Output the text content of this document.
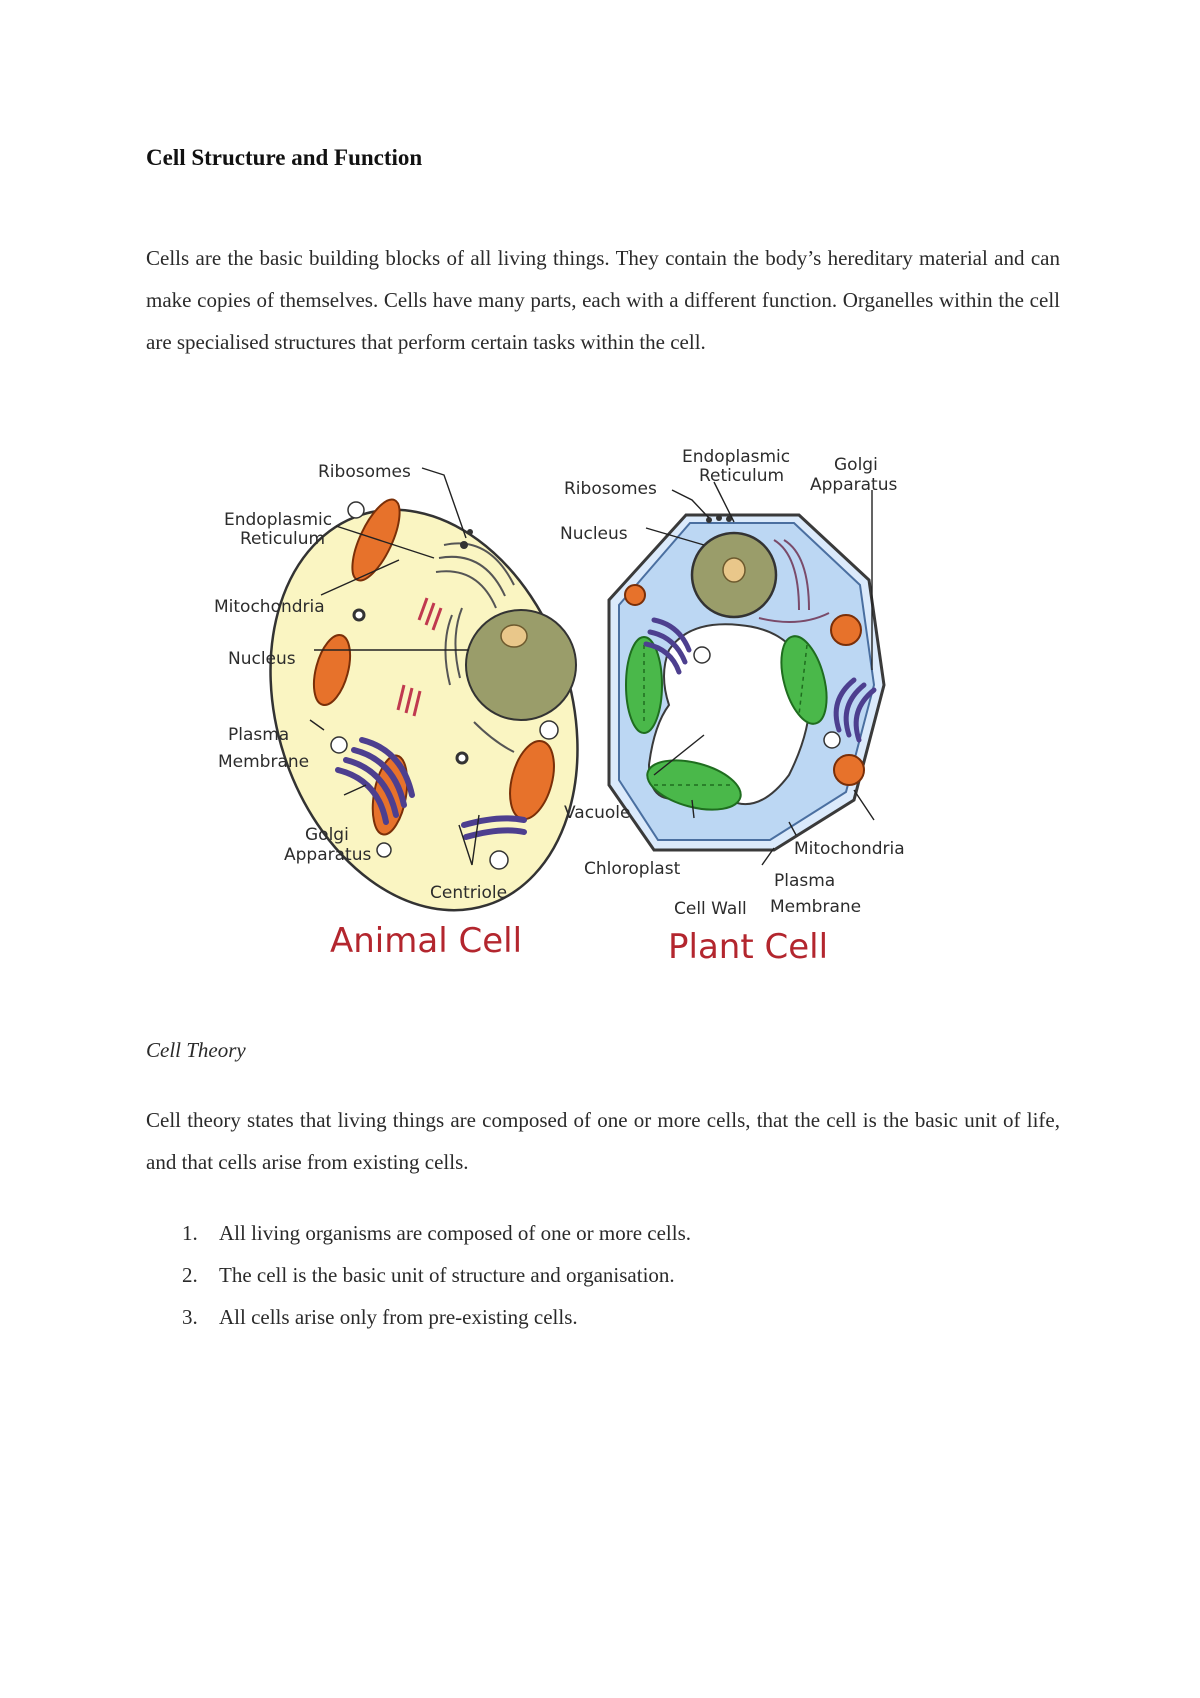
Cell Structure and Function
Cells are the basic building blocks of all living things. They contain the body’s hereditary material and can make copies of themselves. Cells have many parts, each with a different function. Organelles within the cell are specialised structures that perform certain tasks within the cell.
Ribosomes
Endoplasmic
Reticulum
Mitochondria
Nucleus
Plasma
Membrane
Golgi
Apparatus
Centriole
Animal Cell
Endoplasmic
Reticulum
Golgi
Apparatus
Ribosomes
Nucleus
Vacuole
Chloroplast
Mitochondria
Plasma
Membrane
Cell Wall
Plant Cell
Cell Theory
Cell theory states that living things are composed of one or more cells, that the cell is the basic unit of life, and that cells arise from existing cells.
1. All living organisms are composed of one or more cells.
2. The cell is the basic unit of structure and organisation.
3. All cells arise only from pre-existing cells.
